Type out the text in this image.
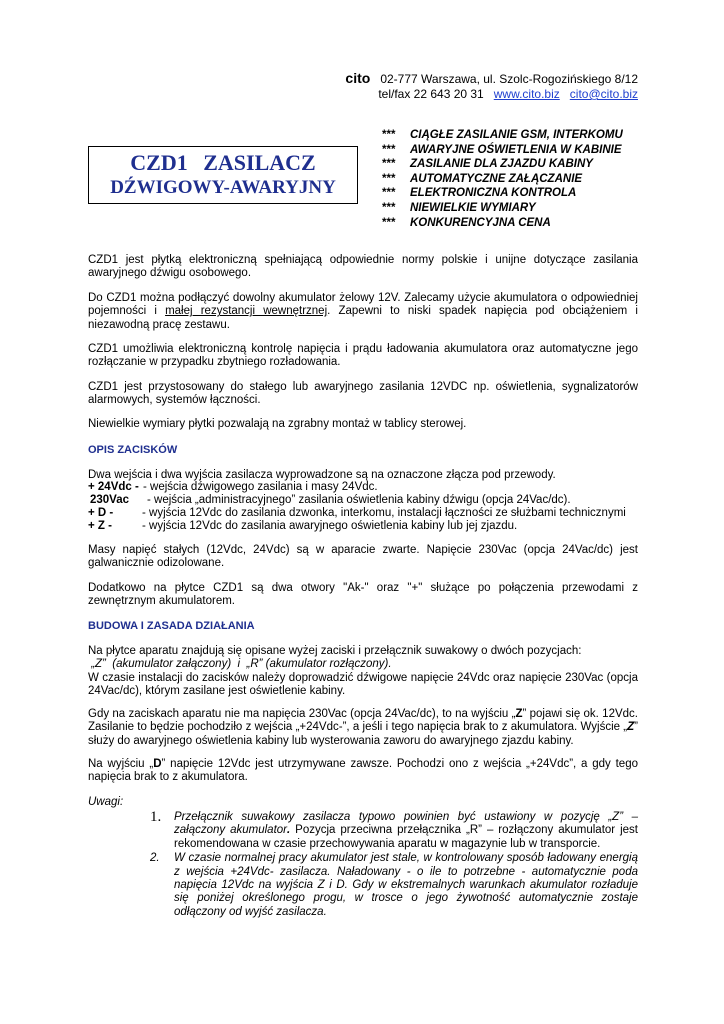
cito 02-777 Warszawa, ul. Szolc-Rogozińskiego 8/12
tel/fax 22 643 20 31 www.cito.biz cito@cito.biz
CZD1 ZASILACZ
DŹWIGOWY-AWARYJNY
*** CIĄGŁE ZASILANIE GSM, INTERKOMU
*** AWARYJNE OŚWIETLENIA W KABINIE
*** ZASILANIE DLA ZJAZDU KABINY
*** AUTOMATYCZNE ZAŁĄCZANIE
*** ELEKTRONICZNA KONTROLA
*** NIEWIELKIE WYMIARY
*** KONKURENCYJNA CENA
CZD1 jest płytką elektroniczną spełniającą odpowiednie normy polskie i unijne dotyczące zasilania awaryjnego dźwigu osobowego.
Do CZD1 można podłączyć dowolny akumulator żelowy 12V. Zalecamy użycie akumulatora o odpowiedniej pojemności i małej rezystancji wewnętrznej. Zapewni to niski spadek napięcia pod obciążeniem i niezawodną pracę zestawu.
CZD1 umożliwia elektroniczną kontrolę napięcia i prądu ładowania akumulatora oraz automatyczne jego rozłączanie w przypadku zbytniego rozładowania.
CZD1 jest przystosowany do stałego lub awaryjnego zasilania 12VDC np. oświetlenia, sygnalizatorów alarmowych, systemów łączności.
Niewielkie wymiary płytki pozwalają na zgrabny montaż w tablicy sterowej.
OPIS ZACISKÓW
Dwa wejścia i dwa wyjścia zasilacza wyprowadzone są na oznaczone złącza pod przewody.
+ 24Vdc - - wejścia dźwigowego zasilania i masy 24Vdc.
230Vac - wejścia „administracyjnego” zasilania oświetlenia kabiny dźwigu (opcja 24Vac/dc).
+ D -	- wyjścia 12Vdc do zasilania dzwonka, interkomu, instalacji łączności ze służbami technicznymi
+ Z -	- wyjścia 12Vdc do zasilania awaryjnego oświetlenia kabiny lub jej zjazdu.
Masy napięć stałych (12Vdc, 24Vdc) są w aparacie zwarte. Napięcie 230Vac (opcja 24Vac/dc) jest galwanicznie odizolowane.
Dodatkowo na płytce CZD1 są dwa otwory "Ak-" oraz "+" służące po połączenia przewodami z zewnętrznym akumulatorem.
BUDOWA I ZASADA DZIAŁANIA
Na płytce aparatu znajdują się opisane wyżej zaciski i przełącznik suwakowy o dwóch pozycjach:
„Z”  (akumulator załączony)  i  „R” (akumulator rozłączony).
W czasie instalacji do zacisków należy doprowadzić dźwigowe napięcie 24Vdc oraz napięcie 230Vac (opcja 24Vac/dc), którym zasilane jest oświetlenie kabiny.
Gdy na zaciskach aparatu nie ma napięcia 230Vac (opcja 24Vac/dc), to na wyjściu „Z” pojawi się ok. 12Vdc. Zasilanie to będzie pochodziło z wejścia „+24Vdc-”, a jeśli i tego napięcia brak to z akumulatora. Wyjście „Z” służy do awaryjnego oświetlenia kabiny lub wysterowania zaworu do awaryjnego zjazdu kabiny.
Na wyjściu „D” napięcie 12Vdc jest utrzymywane zawsze. Pochodzi ono z wejścia „+24Vdc”, a gdy tego napięcia brak to z akumulatora.
Uwagi:
1. Przełącznik suwakowy zasilacza typowo powinien być ustawiony w pozycję „Z” – załączony akumulator. Pozycja przeciwna przełącznika „R” – rozłączony akumulator jest rekomendowana w czasie przechowywania aparatu w magazynie lub w transporcie.
2. W czasie normalnej pracy akumulator jest stale, w kontrolowany sposób ładowany energią z wejścia +24Vdc- zasilacza. Naładowany - o ile to potrzebne - automatycznie poda napięcia 12Vdc na wyjścia Z i D. Gdy w ekstremalnych warunkach akumulator rozładuje się poniżej określonego progu, w trosce o jego żywotność automatycznie zostaje odłączony od wyjść zasilacza.
